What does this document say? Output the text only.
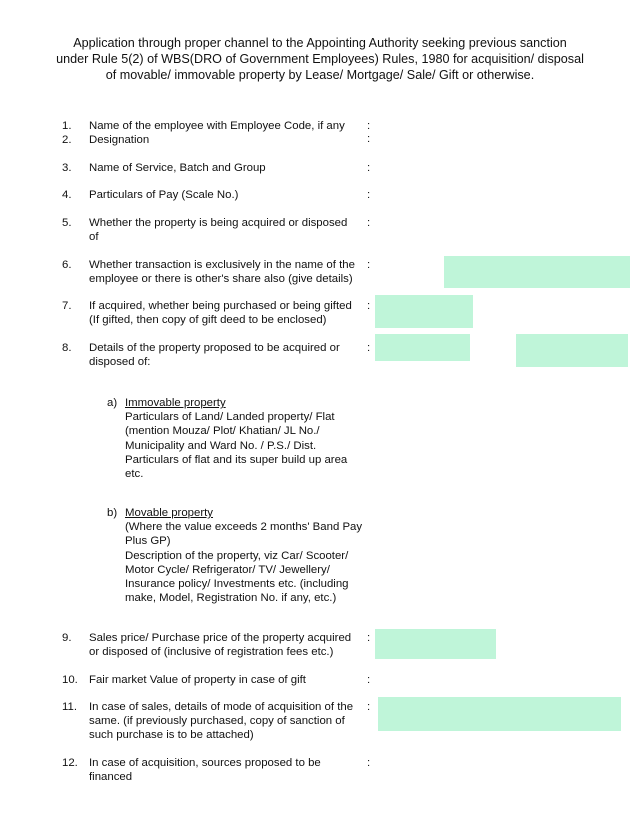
Application through proper channel to the Appointing Authority seeking previous sanction
under Rule 5(2) of WBS(DRO of Government Employees) Rules, 1980 for acquisition/ disposal
of movable/ immovable property by Lease/ Mortgage/ Sale/ Gift or otherwise.
1. Name of the employee with Employee Code, if any	:
2. Designation	:
3. Name of Service, Batch and Group	:
4. Particulars of Pay (Scale No.)	:
5. Whether the property is being acquired or disposed
of
:
6. Whether transaction is exclusively in the name of the
employee or there is other's share also (give details)
:
7. If acquired, whether being purchased or being gifted
(If gifted, then copy of gift deed to be enclosed)
:
8. Details of the property proposed to be acquired or
disposed of:
:
a) Immovable property
Particulars of Land/ Landed property/ Flat
(mention Mouza/ Plot/ Khatian/ JL No./
Municipality and Ward No. / P.S./ Dist.
Particulars of flat and its super build up area
etc.
b) Movable property
(Where the value exceeds 2 months' Band Pay
Plus GP)
Description of the property, viz Car/ Scooter/
Motor Cycle/ Refrigerator/ TV/ Jewellery/
Insurance policy/ Investments etc. (including
make, Model, Registration No. if any, etc.)
9. Sales price/ Purchase price of the property acquired
or disposed of (inclusive of registration fees etc.)
:
10. Fair market Value of property in case of gift	:
11. In case of sales, details of mode of acquisition of the
same. (if previously purchased, copy of sanction of
such purchase is to be attached)
:
12. In case of acquisition, sources proposed to be
financed
:
